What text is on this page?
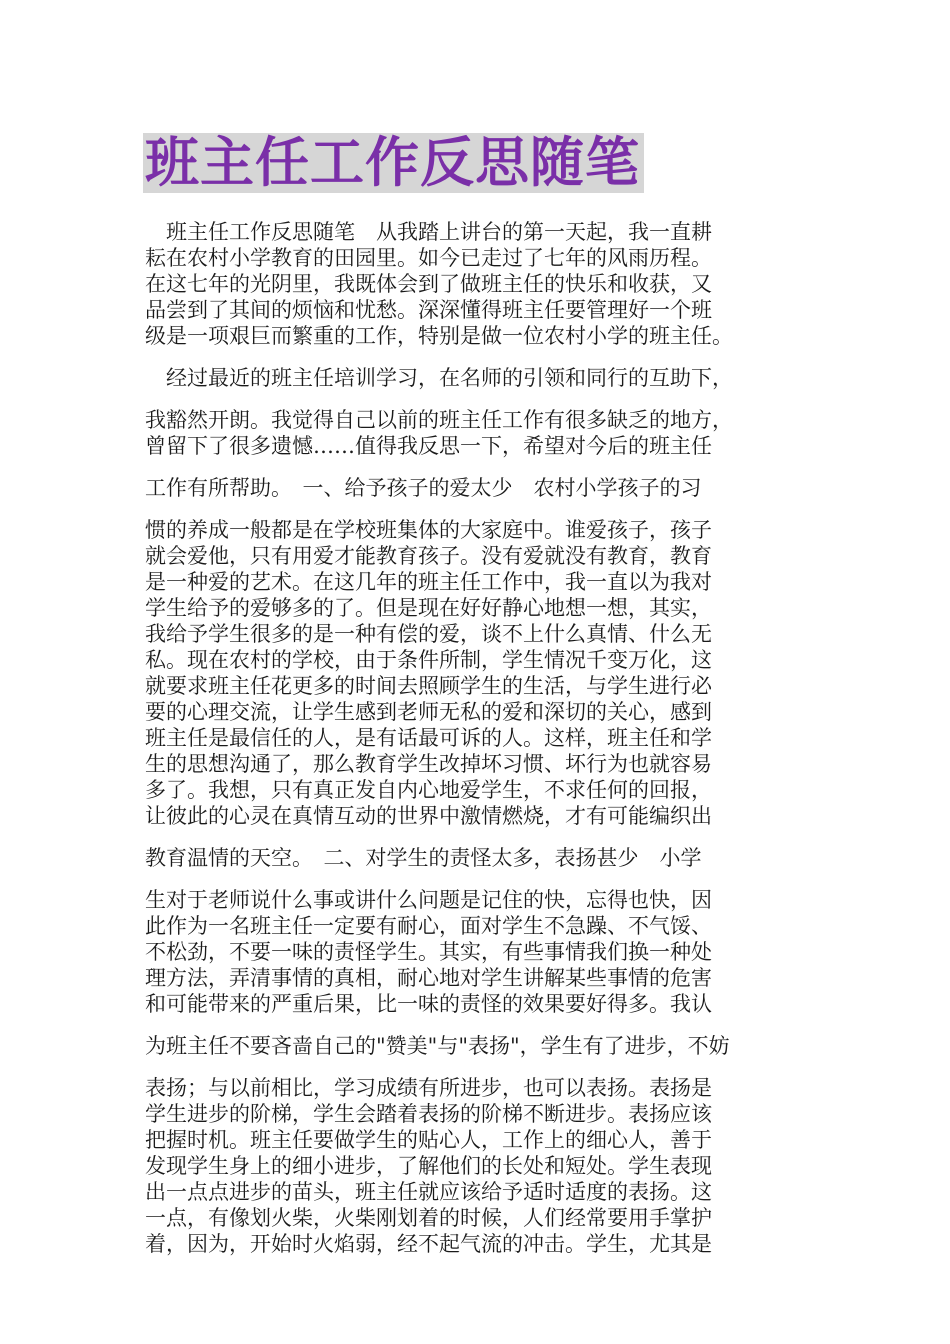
班主任工作反思随笔

　班主任工作反思随笔　从我踏上讲台的第一天起，我一直耕

耘在农村小学教育的田园里。如今已走过了七年的风雨历程。

在这七年的光阴里，我既体会到了做班主任的快乐和收获，又

品尝到了其间的烦恼和忧愁。深深懂得班主任要管理好一个班

级是一项艰巨而繁重的工作，特别是做一位农村小学的班主任。

　经过最近的班主任培训学习，在名师的引领和同行的互助下，

我豁然开朗。我觉得自己以前的班主任工作有很多缺乏的地方，

曾留下了很多遗憾……值得我反思一下，希望对今后的班主任

工作有所帮助。　一、给予孩子的爱太少　农村小学孩子的习

惯的养成一般都是在学校班集体的大家庭中。谁爱孩子，孩子

就会爱他，只有用爱才能教育孩子。没有爱就没有教育，教育

是一种爱的艺术。在这几年的班主任工作中，我一直以为我对

学生给予的爱够多的了。但是现在好好静心地想一想，其实，

我给予学生很多的是一种有偿的爱，谈不上什么真情、什么无

私。现在农村的学校，由于条件所制，学生情况千变万化，这

就要求班主任花更多的时间去照顾学生的生活，与学生进行必

要的心理交流，让学生感到老师无私的爱和深切的关心，感到

班主任是最信任的人，是有话最可诉的人。这样，班主任和学

生的思想沟通了，那么教育学生改掉坏习惯、坏行为也就容易

多了。我想，只有真正发自内心地爱学生，不求任何的回报，

让彼此的心灵在真情互动的世界中激情燃烧，才有可能编织出

教育温情的天空。　二、对学生的责怪太多，表扬甚少　小学

生对于老师说什么事或讲什么问题是记住的快，忘得也快，因

此作为一名班主任一定要有耐心，面对学生不急躁、不气馁、

不松劲，不要一味的责怪学生。其实，有些事情我们换一种处

理方法，弄清事情的真相，耐心地对学生讲解某些事情的危害

和可能带来的严重后果，比一味的责怪的效果要好得多。我认

为班主任不要吝啬自己的"赞美"与"表扬"，学生有了进步，不妨

表扬；与以前相比，学习成绩有所进步，也可以表扬。表扬是

学生进步的阶梯，学生会踏着表扬的阶梯不断进步。表扬应该

把握时机。班主任要做学生的贴心人，工作上的细心人，善于

发现学生身上的细小进步，了解他们的长处和短处。学生表现

出一点点进步的苗头，班主任就应该给予适时适度的表扬。这

一点，有像划火柴，火柴刚划着的时候，人们经常要用手掌护

着，因为，开始时火焰弱，经不起气流的冲击。学生，尤其是
